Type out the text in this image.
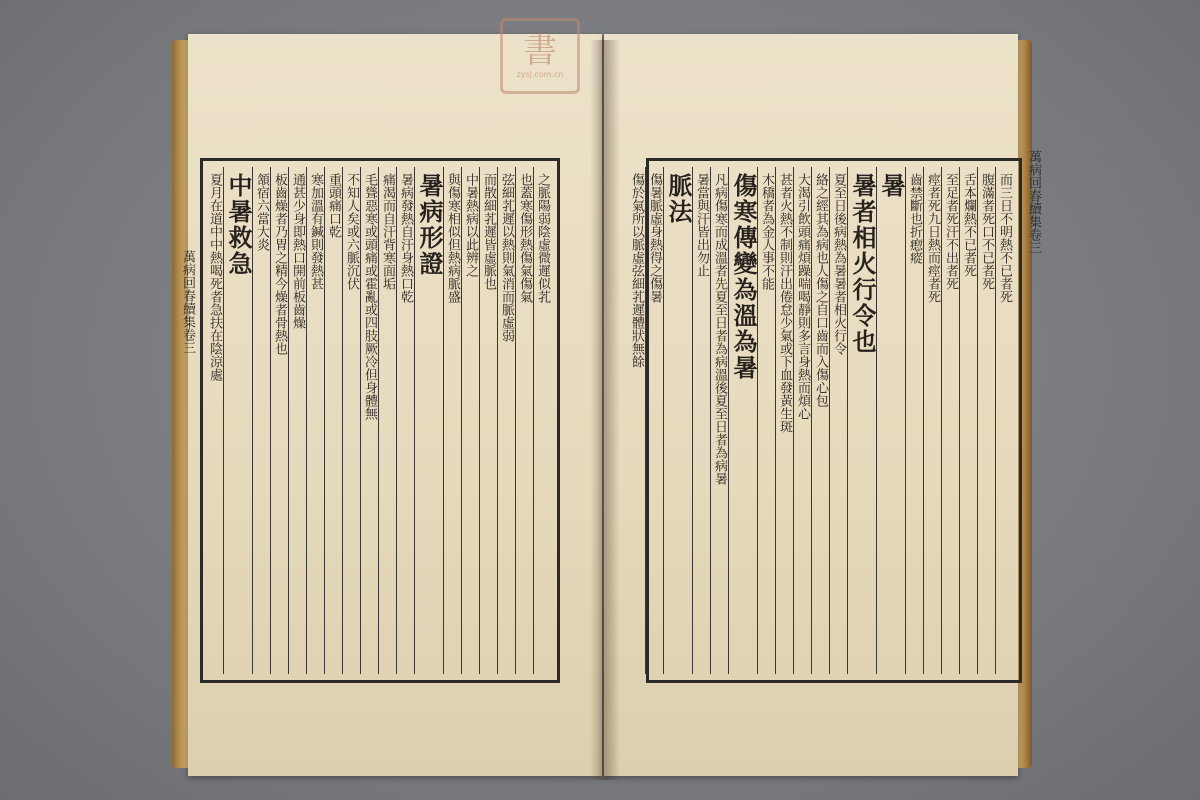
書
zysj.com.cn
萬病回春續集卷三
萬病回春續集卷三	而三日不明熱不已者死
腹滿者死口不已者死
舌本爛熱不已者死
至足者死汗不出者死
痙者死九日熱而痙者死
齒禁斷也折瘛瘲
暑
暑者相火行令也
夏至日後病熱為暑暑者相火行令
絡之經其為病也人傷之自口齒而入傷心包
大渴引飲頭痛煩躁喘喝靜則多言身熱而煩心
甚者火熱不制則汗出倦怠少氣或下血發黃生斑
木穚者為金人事不能
傷寒傳變為溫為暑
凡病傷寒而成溫者先夏至日者為病溫後夏至日者為病暑
暑當與汗皆出勿止
脈法
傷暑脈虛身熱得之傷暑
傷於氣所以脈虛弦細芤遲體狀無餘
之脈陽弱陰虛微遲似芤
也蓋寒傷形熱傷氣傷氣
弦細芤遲以熱則氣消而脈虛弱
而散細芤遲皆虛脈也
中暑熱病以此辨之
與傷寒相似但熱病脈盛
暑病形證
暑病發熱自汗身熱口乾
痛渴而自汗背寒面垢
毛聳惡寒或頭痛或霍亂或四肢厥冷但身體無
不知人矣或六脈沉伏
重頭痛口乾
寒加溫有鍼則發熱甚
通甚少身即熱口開前板齒燥
板齒燥者乃胃之精今燥者骨熱也
頷宿六當大炎
中暑救急
夏月在道中中熱喝死者急扶在陰涼處
